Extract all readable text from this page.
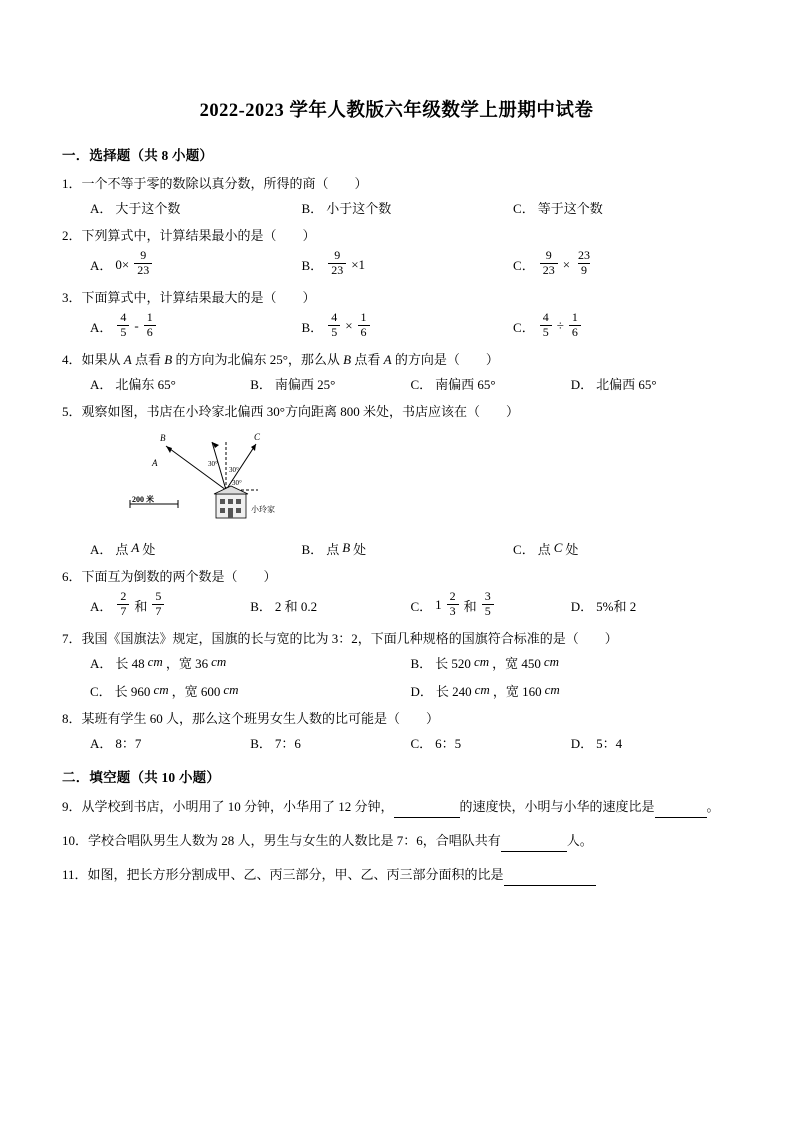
2022-2023 学年人教版六年级数学上册期中试卷
一．选择题（共 8 小题）
1．一个不等于零的数除以真分数，所得的商（　　）
A． 大于这个数	B． 小于这个数	C． 等于这个数
2．下列算式中，计算结果最小的是（　　）
A． $0\times \frac{9}{23}$	B． $\frac{9}{23} \times 1$	C． $\frac{9}{23} \times \frac{23}{9}$
3．下面算式中，计算结果最大的是（　　）
A． $\frac{4}{5} - \frac{1}{6}$	B． $\frac{4}{5} \times \frac{1}{6}$	C． $\frac{4}{5} \div \frac{1}{6}$
4．如果从 A 点看 B 的方向为北偏东 25°，那么从 B 点看 A 的方向是（　　）
A． 北偏东 65°	B． 南偏西 25°	C． 南偏西 65°	D． 北偏西 65°
5．观察如图，书店在小玲家北偏西 30°方向距离 800 米处，书店应该在（　　）
A
B	C
30°
30°
30°
200 米
小玲家
A． 点 A 处	B． 点 B 处	C． 点 C 处
6．下面互为倒数的两个数是（　　）
A． $\frac{2}{7}$ 和 $\frac{5}{7}$	B． 2 和 0.2	C． $1 \frac{2}{3}$ 和 $\frac{3}{5}$	D． 5%和 2
7．我国《国旗法》规定，国旗的长与宽的比为 3：2，下面几种规格的国旗符合标准的是（　　）
A． 长 48 cm ，宽 36 cm	B． 长 520 cm ，宽 450 cm
C． 长 960 cm ，宽 600 cm	D． 长 240 cm ，宽 160 cm
8．某班有学生 60 人，那么这个班男女生人数的比可能是（　　）
A． 8：7	B． 7：6	C． 6：5	D． 5：4
二．填空题（共 10 小题）
9．从学校到书店，小明用了 10 分钟，小华用了 12 分钟，	的速度快，小明与小华的速度比是	。
10．学校合唱队男生人数为 28 人，男生与女生的人数比是 7：6，合唱队共有	人。
11．如图，把长方形分割成甲、乙、丙三部分，甲、乙、丙三部分面积的比是
